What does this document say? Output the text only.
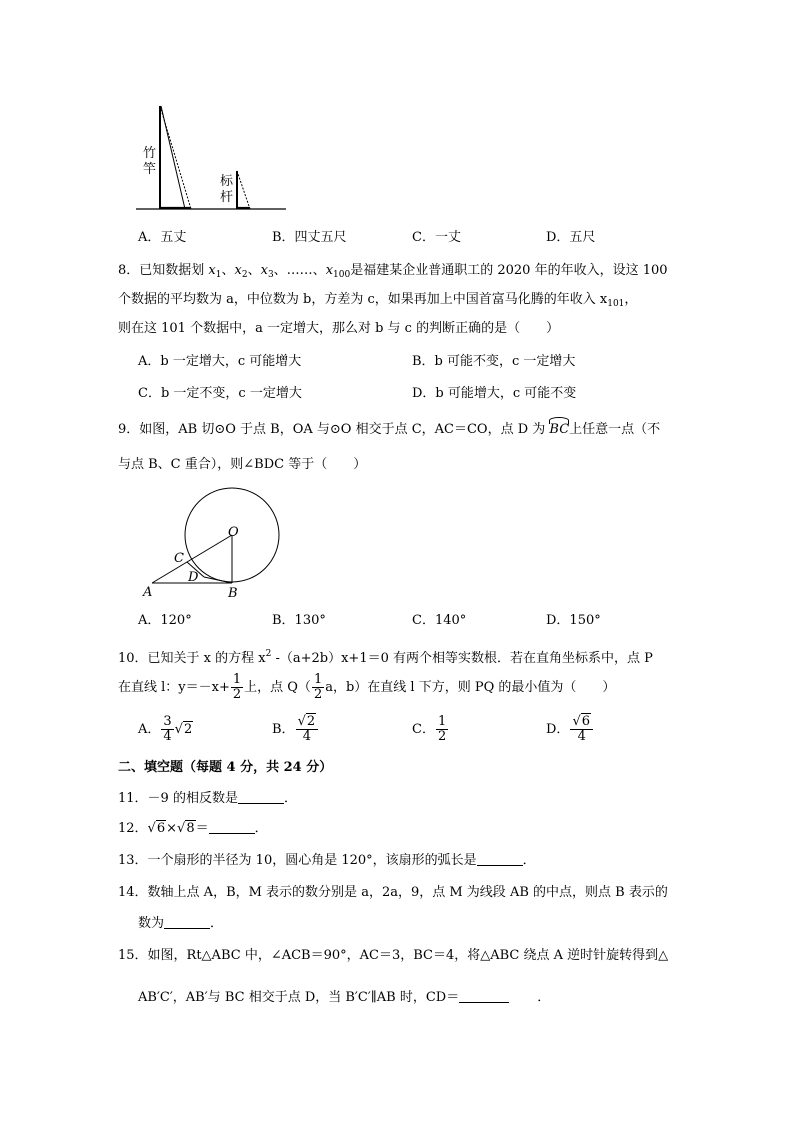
竹
竿
标
杆
A．五丈	B．四丈五尺	C．一丈	D．五尺
8．已知数据划 $x_1$、$x_2$、$x_3$、……、$x_{100}$是福建某企业普通职工的 2020 年的年收入，设这 100
个数据的平均数为 a，中位数为 b，方差为 c，如果再加上中国首富马化腾的年收入 $x_{101}$，
则在这 101 个数据中，a 一定增大，那么对 b 与 c 的判断正确的是（　　）
A．b 一定增大，c 可能增大	B．b 可能不变，c 一定增大
C．b 一定不变，c 一定增大	D．b 可能增大，c 可能不变
9．如图，AB 切⊙O 于点 B，OA 与⊙O 相交于点 C，AC＝CO，点 D 为 BC上任意一点（不
与点 B、C 重合），则∠BDC 等于（　　）
O
C
D
A	B
A．120°	B．130°	C．140°	D．150°
10．已知关于 x 的方程 $x^2$ -（a+2b）x+1＝0 有两个相等实数根．若在直角坐标系中，点 P
在直线 l：$y=-x+ \frac{1}{2}$ 上，点 $Q( \frac{1}{2}$ a，b）在直线 l 下方，则 PQ 的最小值为（　　）
A． $\frac{3}{4} √2$	B． $\frac{√2}{4}$	C． $\frac{1}{2}$	D． $\frac{√6}{4}$
二、填空题（每题 4 分，共 24 分）
11．－9 的相反数是	．
12．√6×√8＝	．
13．一个扇形的半径为 10，圆心角是 120°，该扇形的弧长是	．
14．数轴上点 A，B，M 表示的数分别是 a，2a，9，点 M 为线段 AB 的中点，则点 B 表示的
数为	．
15．如图，Rt△ABC 中，∠ACB＝90°，AC＝3，BC＝4，将△ABC 绕点 A 逆时针旋转得到△
AB′C′，AB′与 BC 相交于点 D，当 B′C′∥AB 时，CD＝	．
